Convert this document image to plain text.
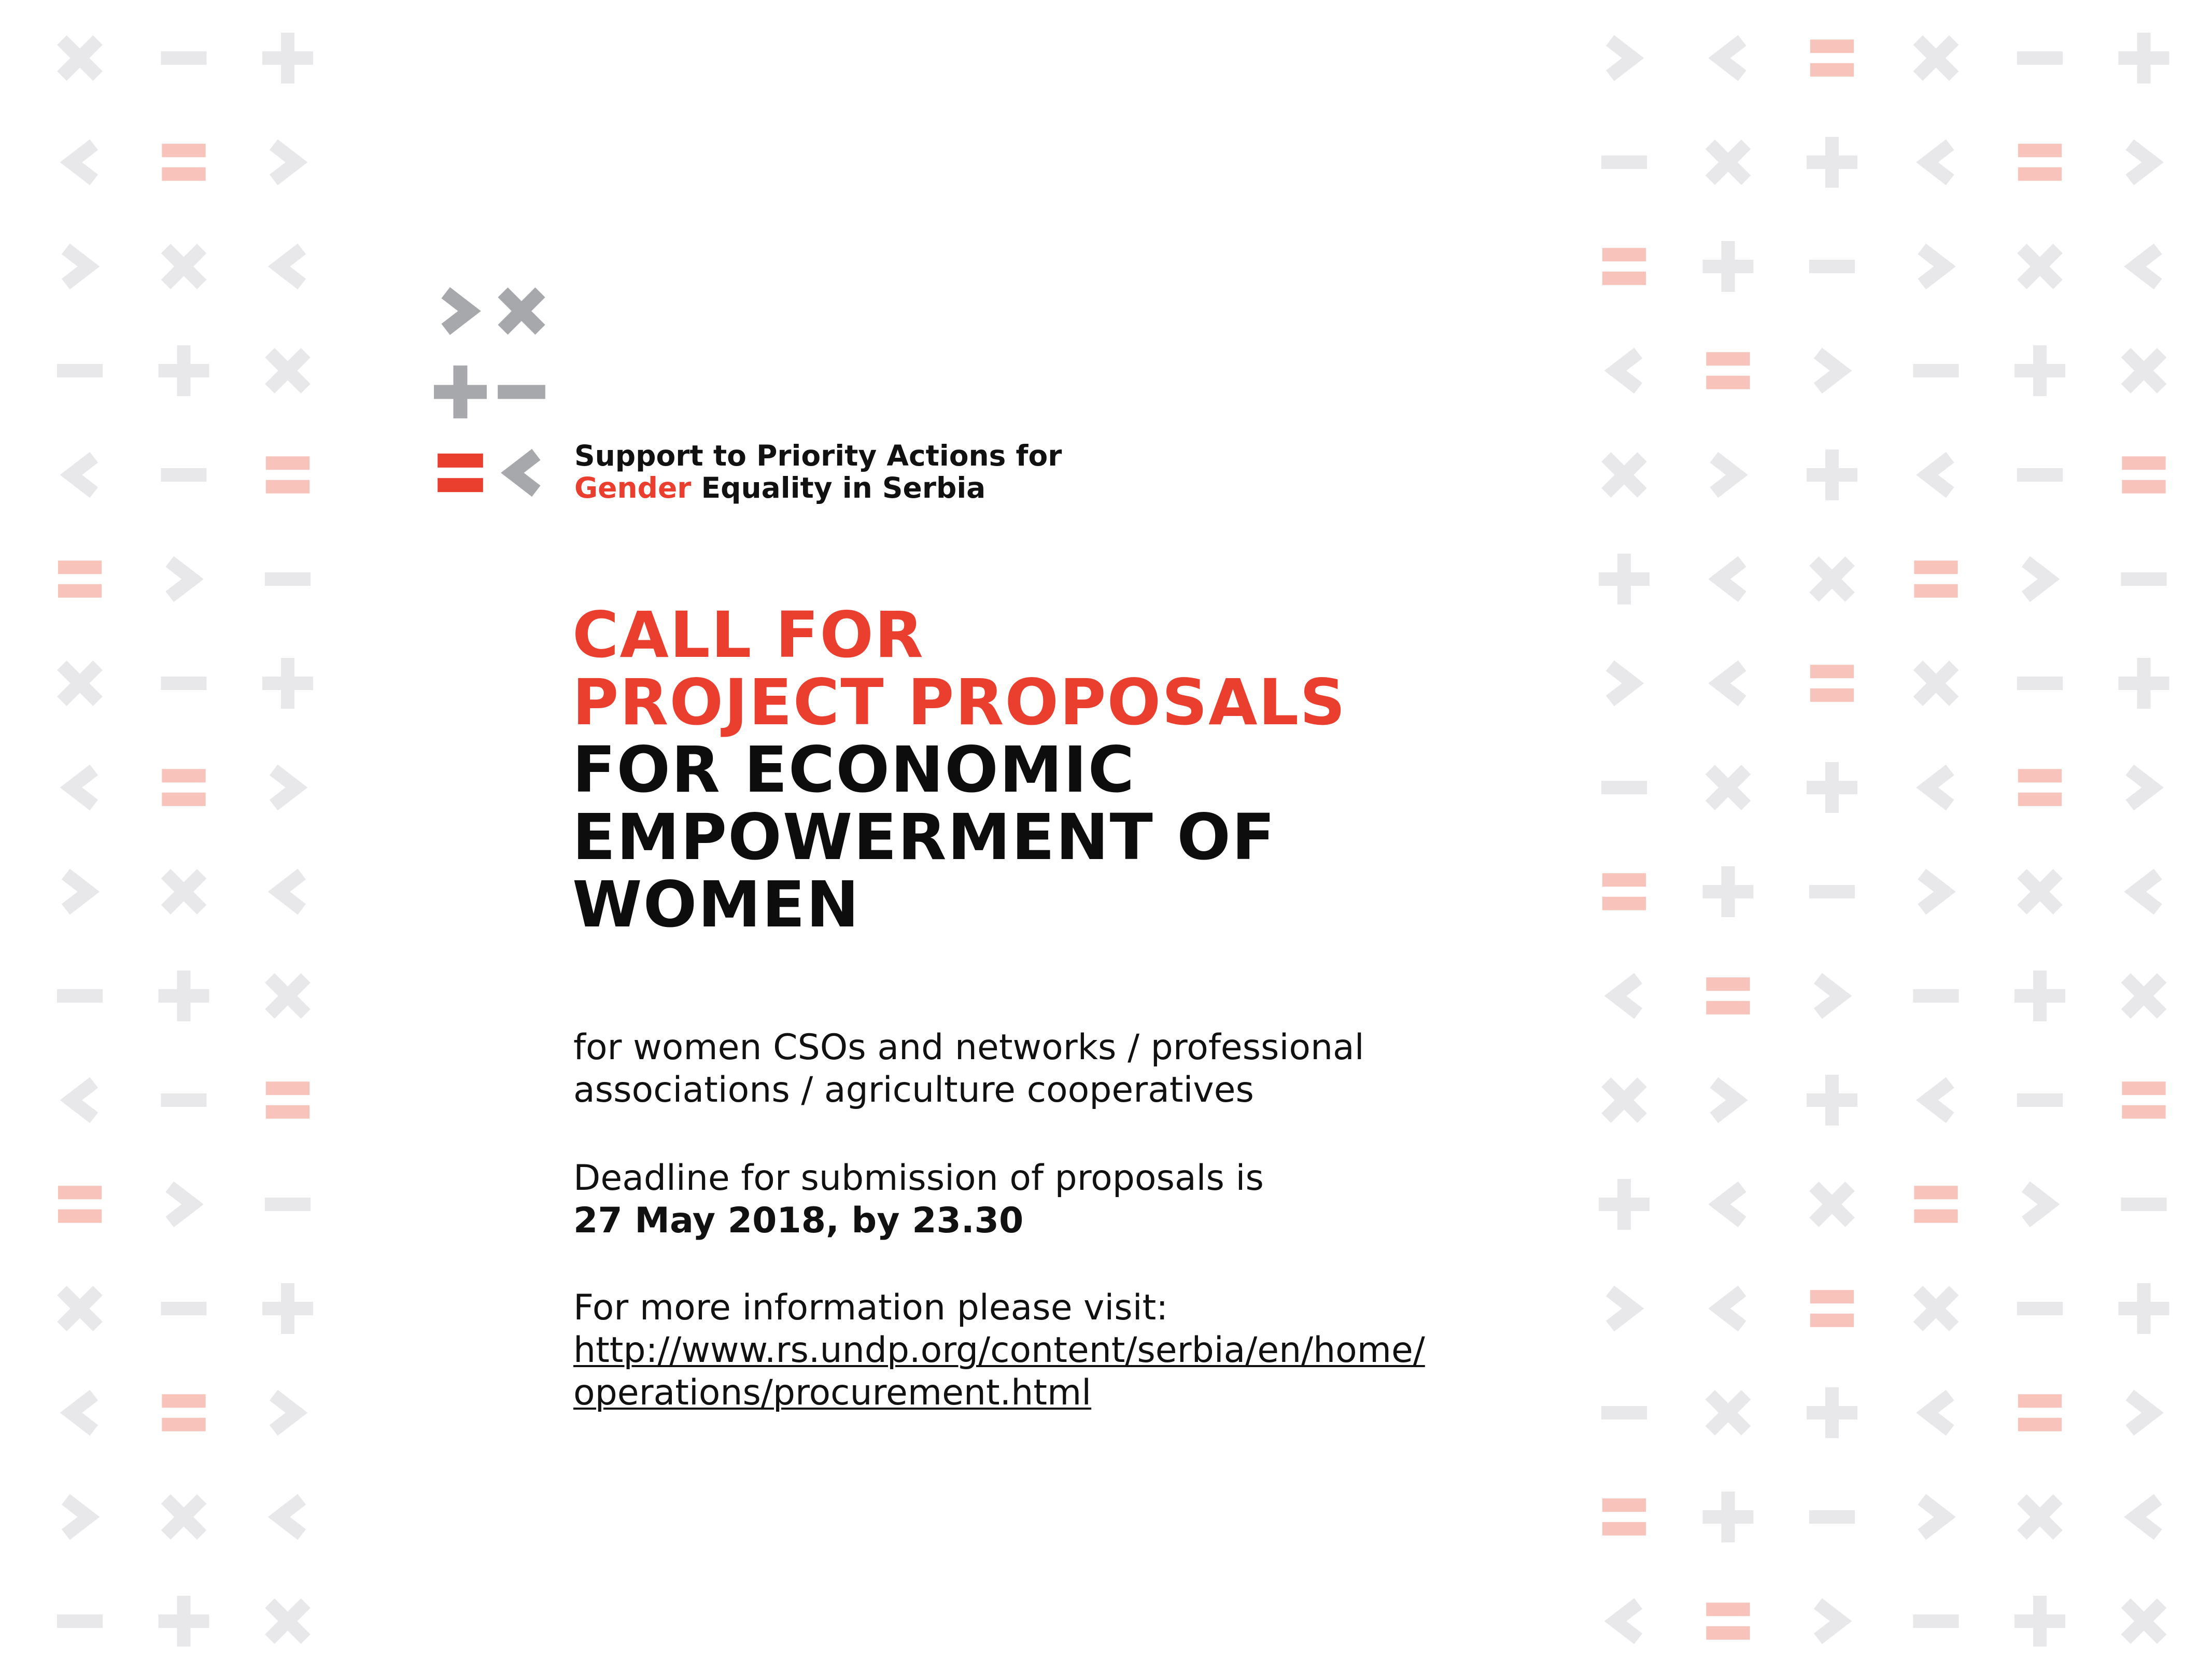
Support to Priority Actions for
Gender Equality in Serbia
CALL FOR
PROJECT PROPOSALS
FOR ECONOMIC
EMPOWERMENT OF
WOMEN
for women CSOs and networks / professional
associations / agriculture cooperatives
Deadline for submission of proposals is
27 May 2018, by 23.30
For more information please visit:
http://www.rs.undp.org/content/serbia/en/home/
operations/procurement.html
